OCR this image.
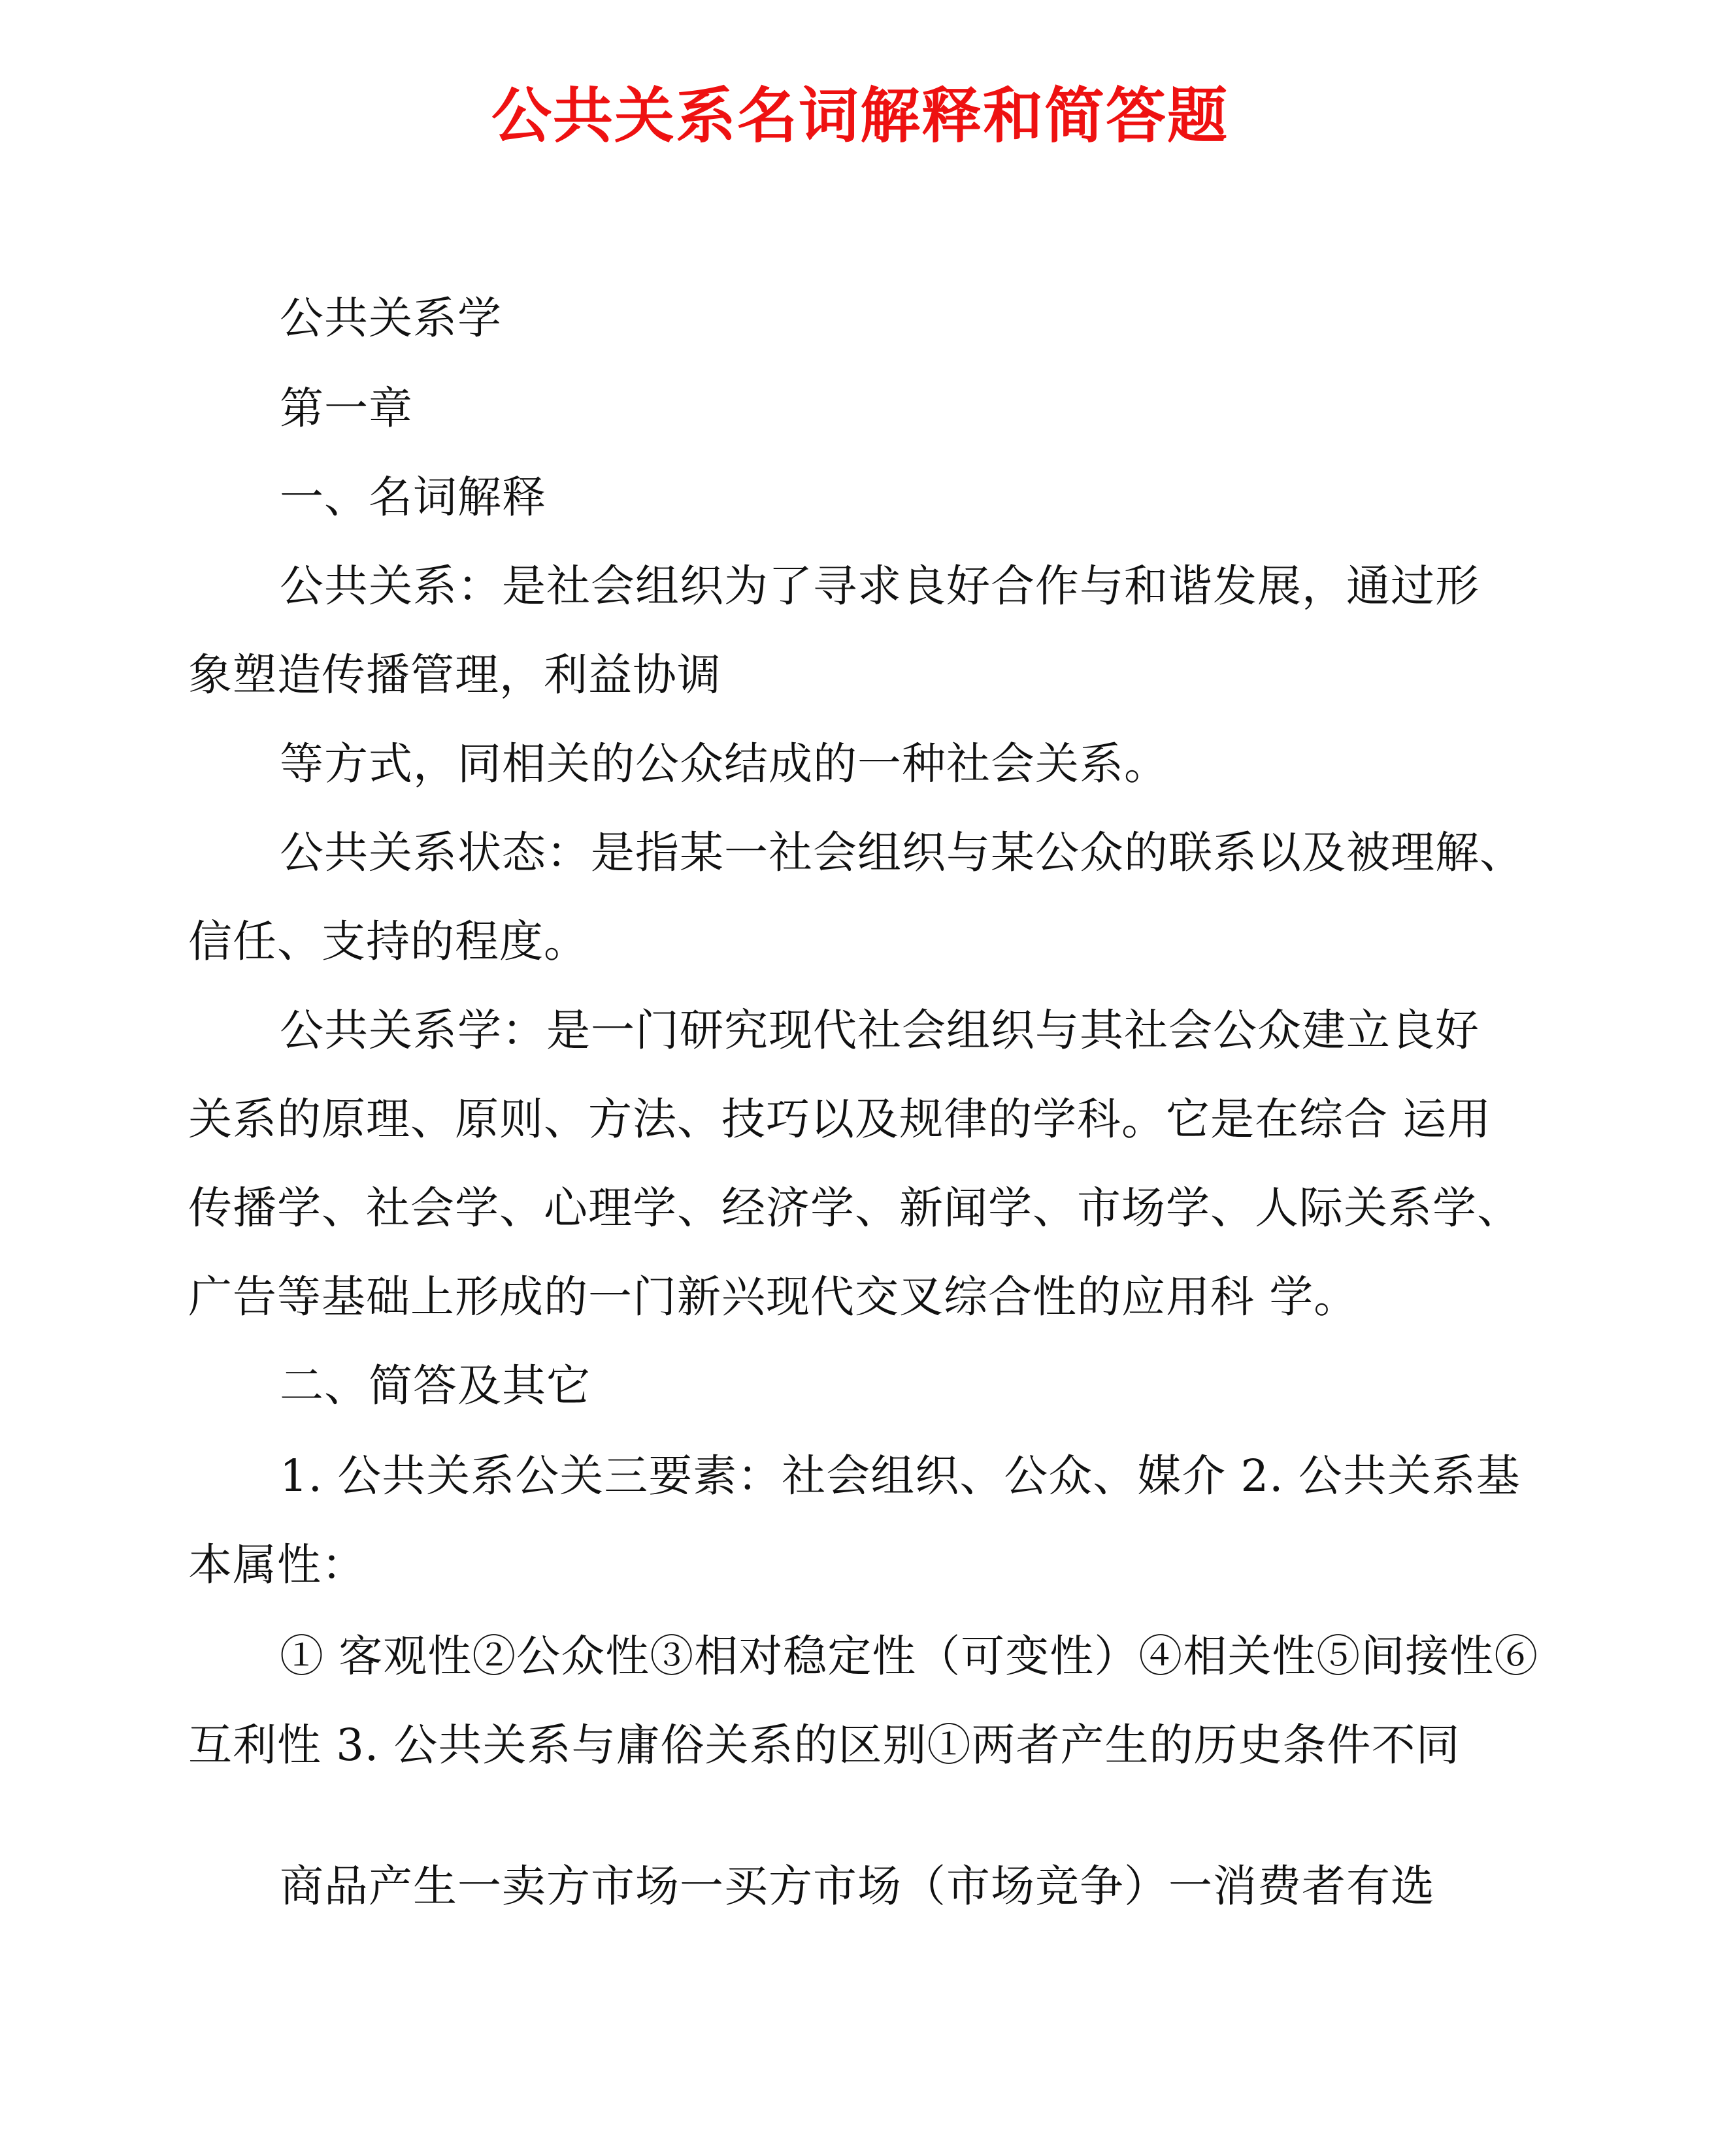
公共关系名词解释和简答题
公共关系学
第一章
一、名词解释
公共关系：是社会组织为了寻求良好合作与和谐发展，通过形
象塑造传播管理，利益协调
等方式，同相关的公众结成的一种社会关系。
公共关系状态：是指某一社会组织与某公众的联系以及被理解、
信任、支持的程度。
公共关系学：是一门研究现代社会组织与其社会公众建立良好
关系的原理、原则、方法、技巧以及规律的学科。它是在综合 运用
传播学、社会学、心理学、经济学、新闻学、市场学、人际关系学、
广告等基础上形成的一门新兴现代交叉综合性的应用科 学。
二、简答及其它
1. 公共关系公关三要素：社会组织、公众、媒介 2. 公共关系基
本属性：
① 客观性②公众性③相对稳定性（可变性）④相关性⑤间接性⑥
互利性 3. 公共关系与庸俗关系的区别①两者产生的历史条件不同
商品产生一卖方市场一买方市场（市场竞争）一消费者有选
